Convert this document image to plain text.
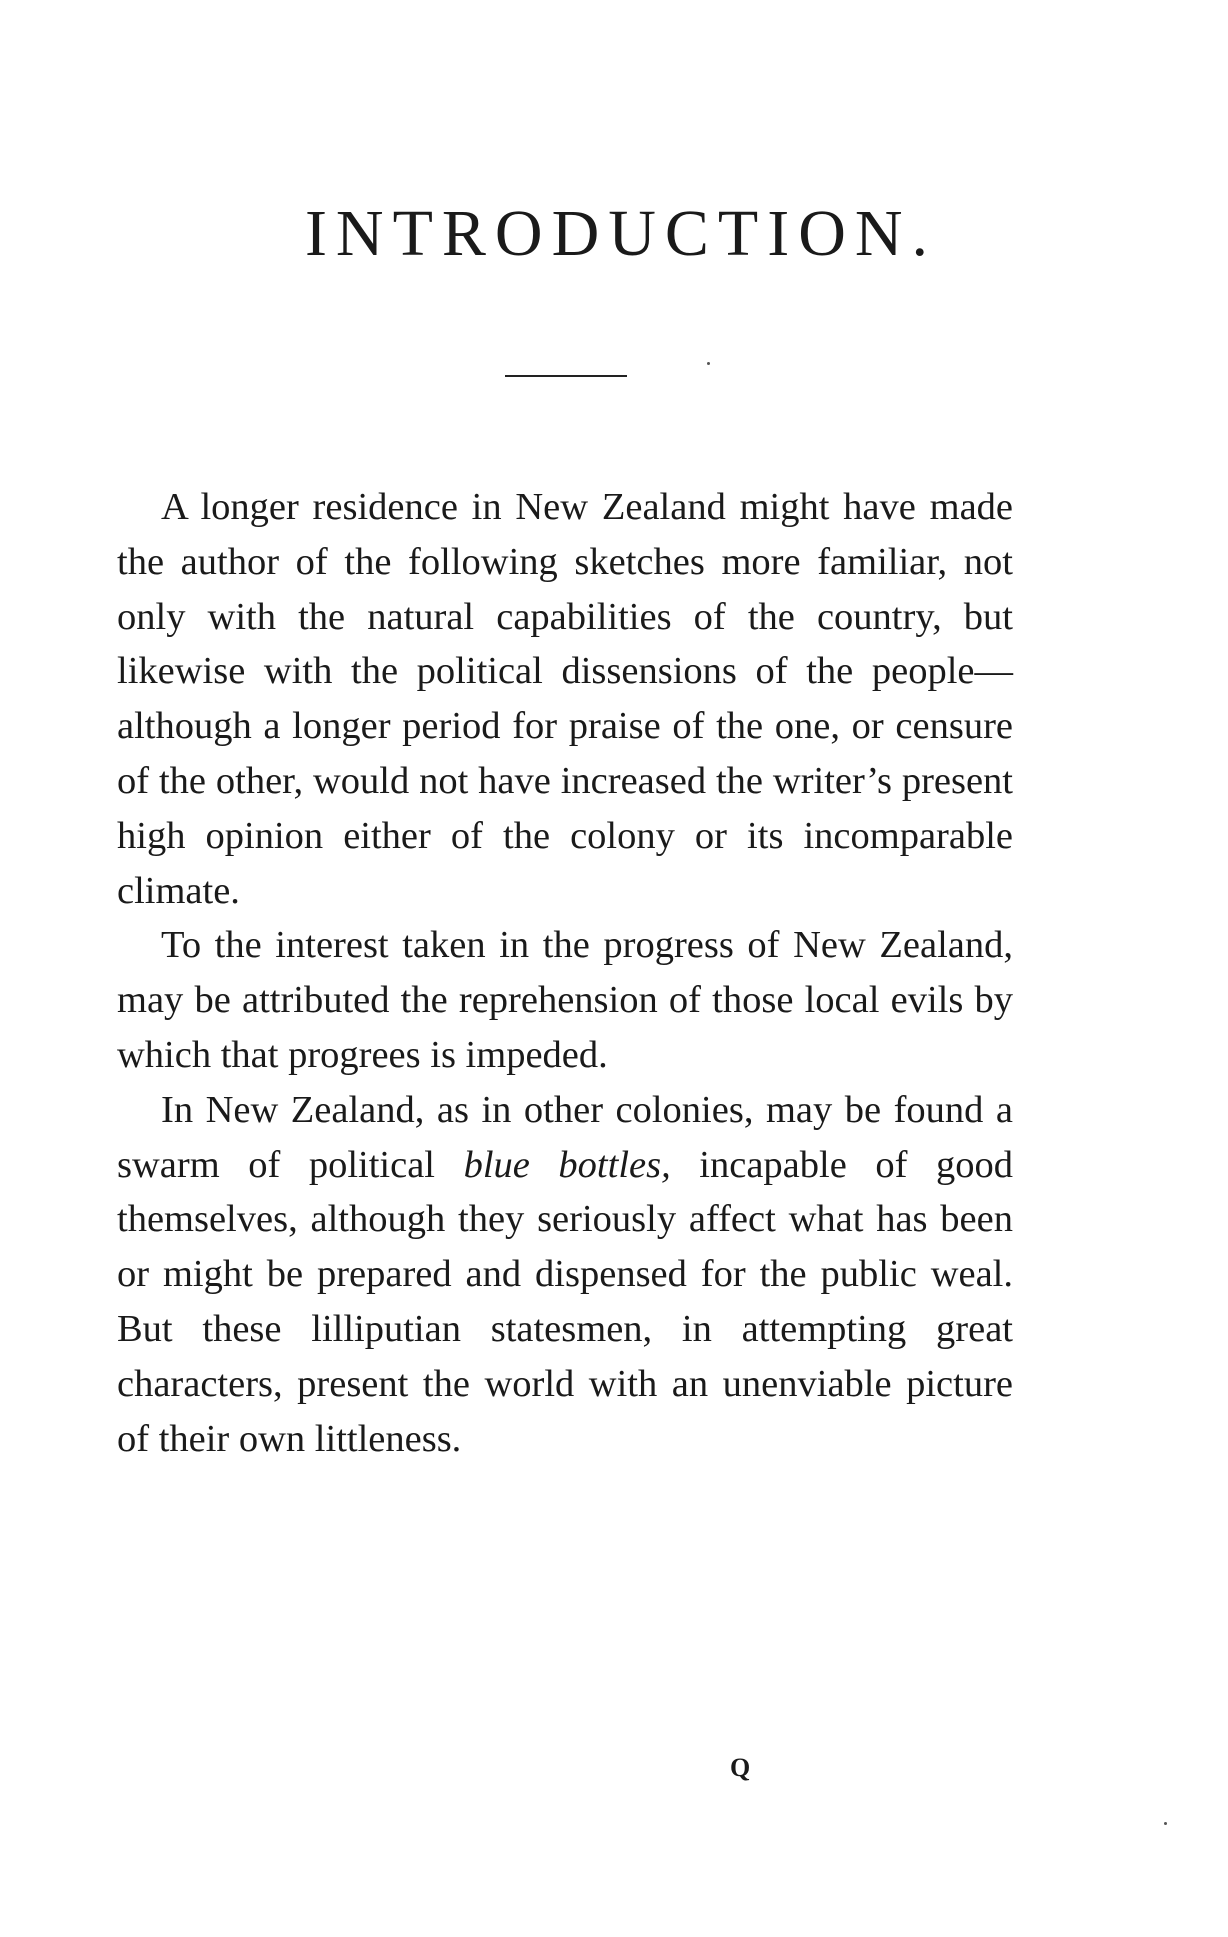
INTRODUCTION.

A longer residence in New Zealand might have made the author of the following sketches more familiar, not only with the natural capabilities of the country, but likewise with the political dissensions of the people—although a longer period for praise of the one, or censure of the other, would not have increased the writer’s present high opinion either of the colony or its incomparable climate.

To the interest taken in the progress of New Zealand, may be attributed the reprehension of those local evils by which that progrees is impeded.

In New Zealand, as in other colonies, may be found a swarm of political blue bottles, incapable of good themselves, although they seriously affect what has been or might be prepared and dispensed for the public weal. But these lilliputian statesmen, in attempting great characters, present the world with an unenviable picture of their own littleness.

Q
